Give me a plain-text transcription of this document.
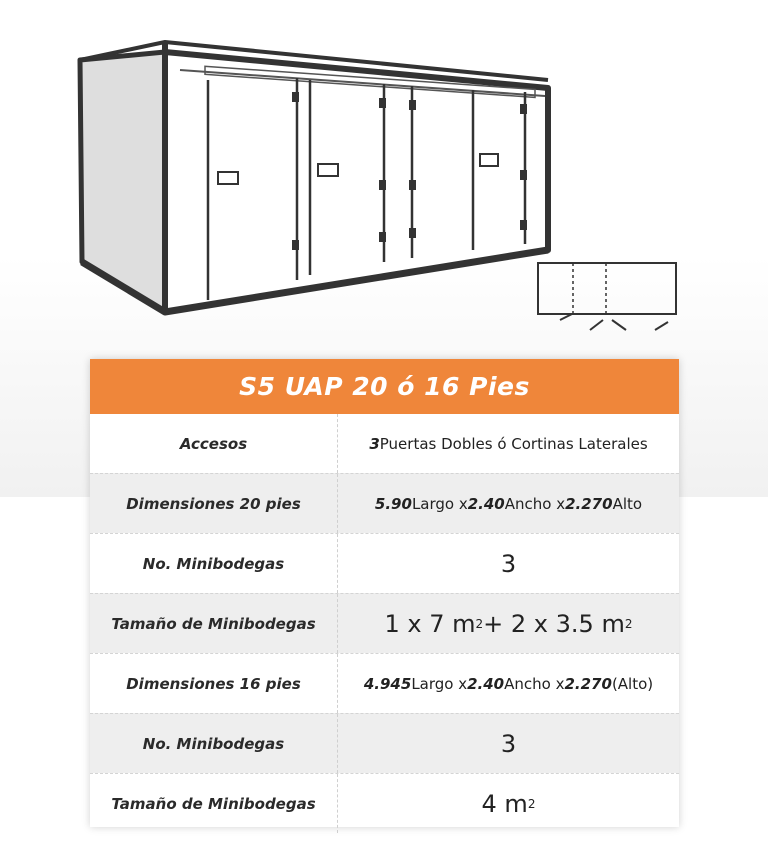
S5 UAP 20 ó 16 Pies
Accesos	3 Puertas Dobles ó Cortinas Laterales
Dimensiones 20 pies	5.90 Largo x 2.40 Ancho x 2.270 Alto
No. Minibodegas	3
Tamaño de Minibodegas	1 x 7 m 2 + 2 x 3.5 m 2
Dimensiones 16 pies	4.945 Largo x 2.40 Ancho x 2.270 (Alto)
No. Minibodegas	3
Tamaño de Minibodegas	4 m 2
